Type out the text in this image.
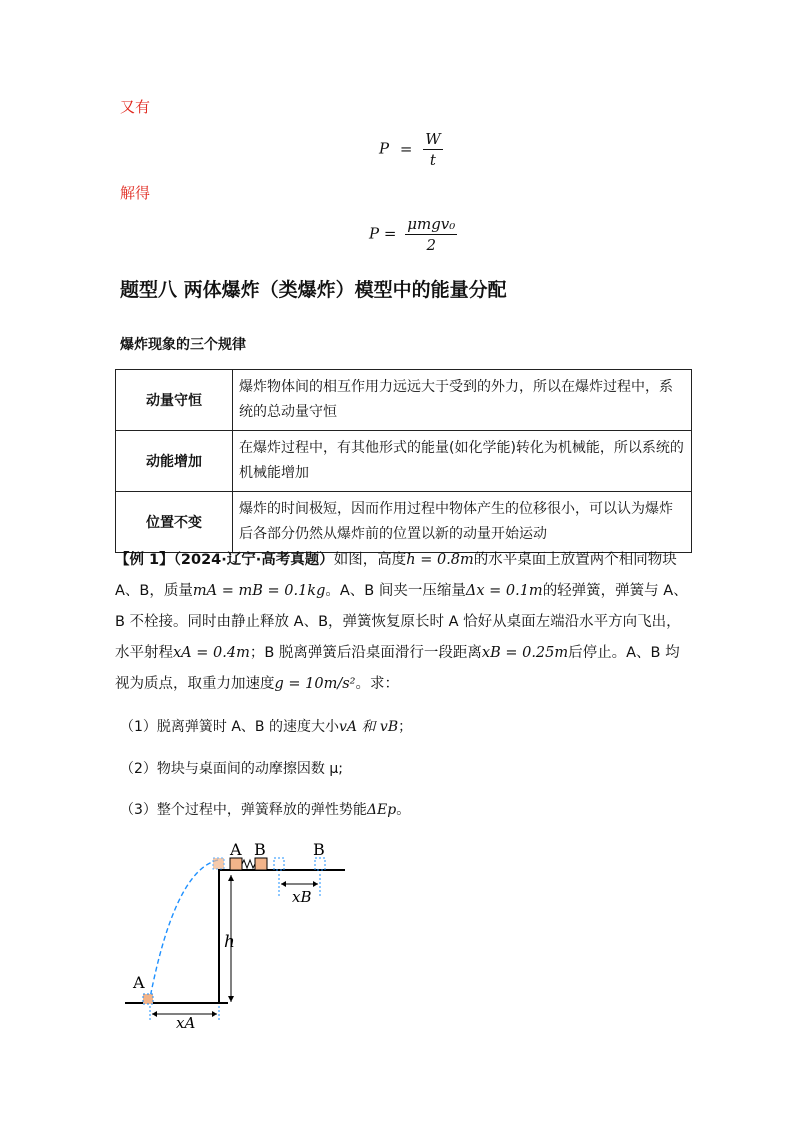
又有
$P = \frac{W}{t}$
解得
$P = \frac{\text{μmgv₀}}{2}$
题型八 两体爆炸（类爆炸）模型中的能量分配
爆炸现象的三个规律
动量守恒	爆炸物体间的相互作用力远远大于受到的外力，所以在爆炸过程中，系统的总动量守恒
动能增加	在爆炸过程中，有其他形式的能量(如化学能)转化为机械能，所以系统的机械能增加
位置不变	爆炸的时间极短，因而作用过程中物体产生的位移很小，可以认为爆炸后各部分仍然从爆炸前的位置以新的动量开始运动
【例 1】（2024·辽宁·高考真题）如图，高度h = 0.8m的水平桌面上放置两个相同物块 A、B，质量mA = mB = 0.1kg。A、B 间夹一压缩量Δx = 0.1m的轻弹簧，弹簧与 A、B 不栓接。同时由静止释放 A、B，弹簧恢复原长时 A 恰好从桌面左端沿水平方向飞出，水平射程xA = 0.4m；B 脱离弹簧后沿桌面滑行一段距离xB = 0.25m后停止。A、B 均视为质点，取重力加速度g = 10m/s²。求：
（1）脱离弹簧时 A、B 的速度大小vA 和 vB；
（2）物块与桌面间的动摩擦因数 μ;
（3）整个过程中，弹簧释放的弹性势能ΔEp。
A B	B
xB
h
A
xA
